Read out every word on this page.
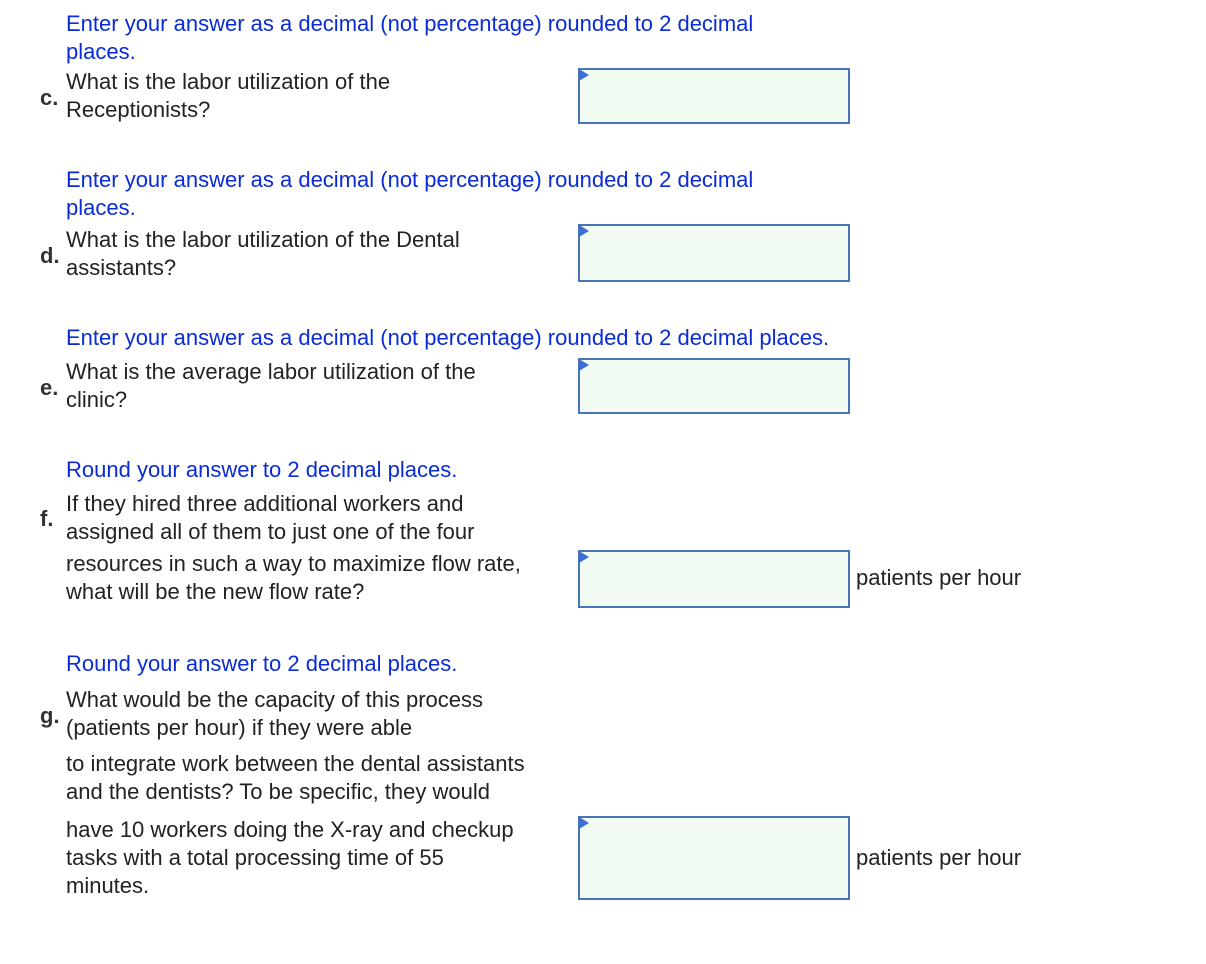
Enter your answer as a decimal (not percentage) rounded to 2 decimal
places.
c.
What is the labor utilization of the
Receptionists?
Enter your answer as a decimal (not percentage) rounded to 2 decimal
places.
d.
What is the labor utilization of the Dental
assistants?
Enter your answer as a decimal (not percentage) rounded to 2 decimal places.
e.
What is the average labor utilization of the
clinic?
Round your answer to 2 decimal places.
f.
If they hired three additional workers and
assigned all of them to just one of the four
resources in such a way to maximize flow rate,
what will be the new flow rate?
patients per hour
Round your answer to 2 decimal places.
g.
What would be the capacity of this process
(patients per hour) if they were able
to integrate work between the dental assistants
and the dentists? To be specific, they would
have 10 workers doing the X-ray and checkup
tasks with a total processing time of 55
minutes.
patients per hour
